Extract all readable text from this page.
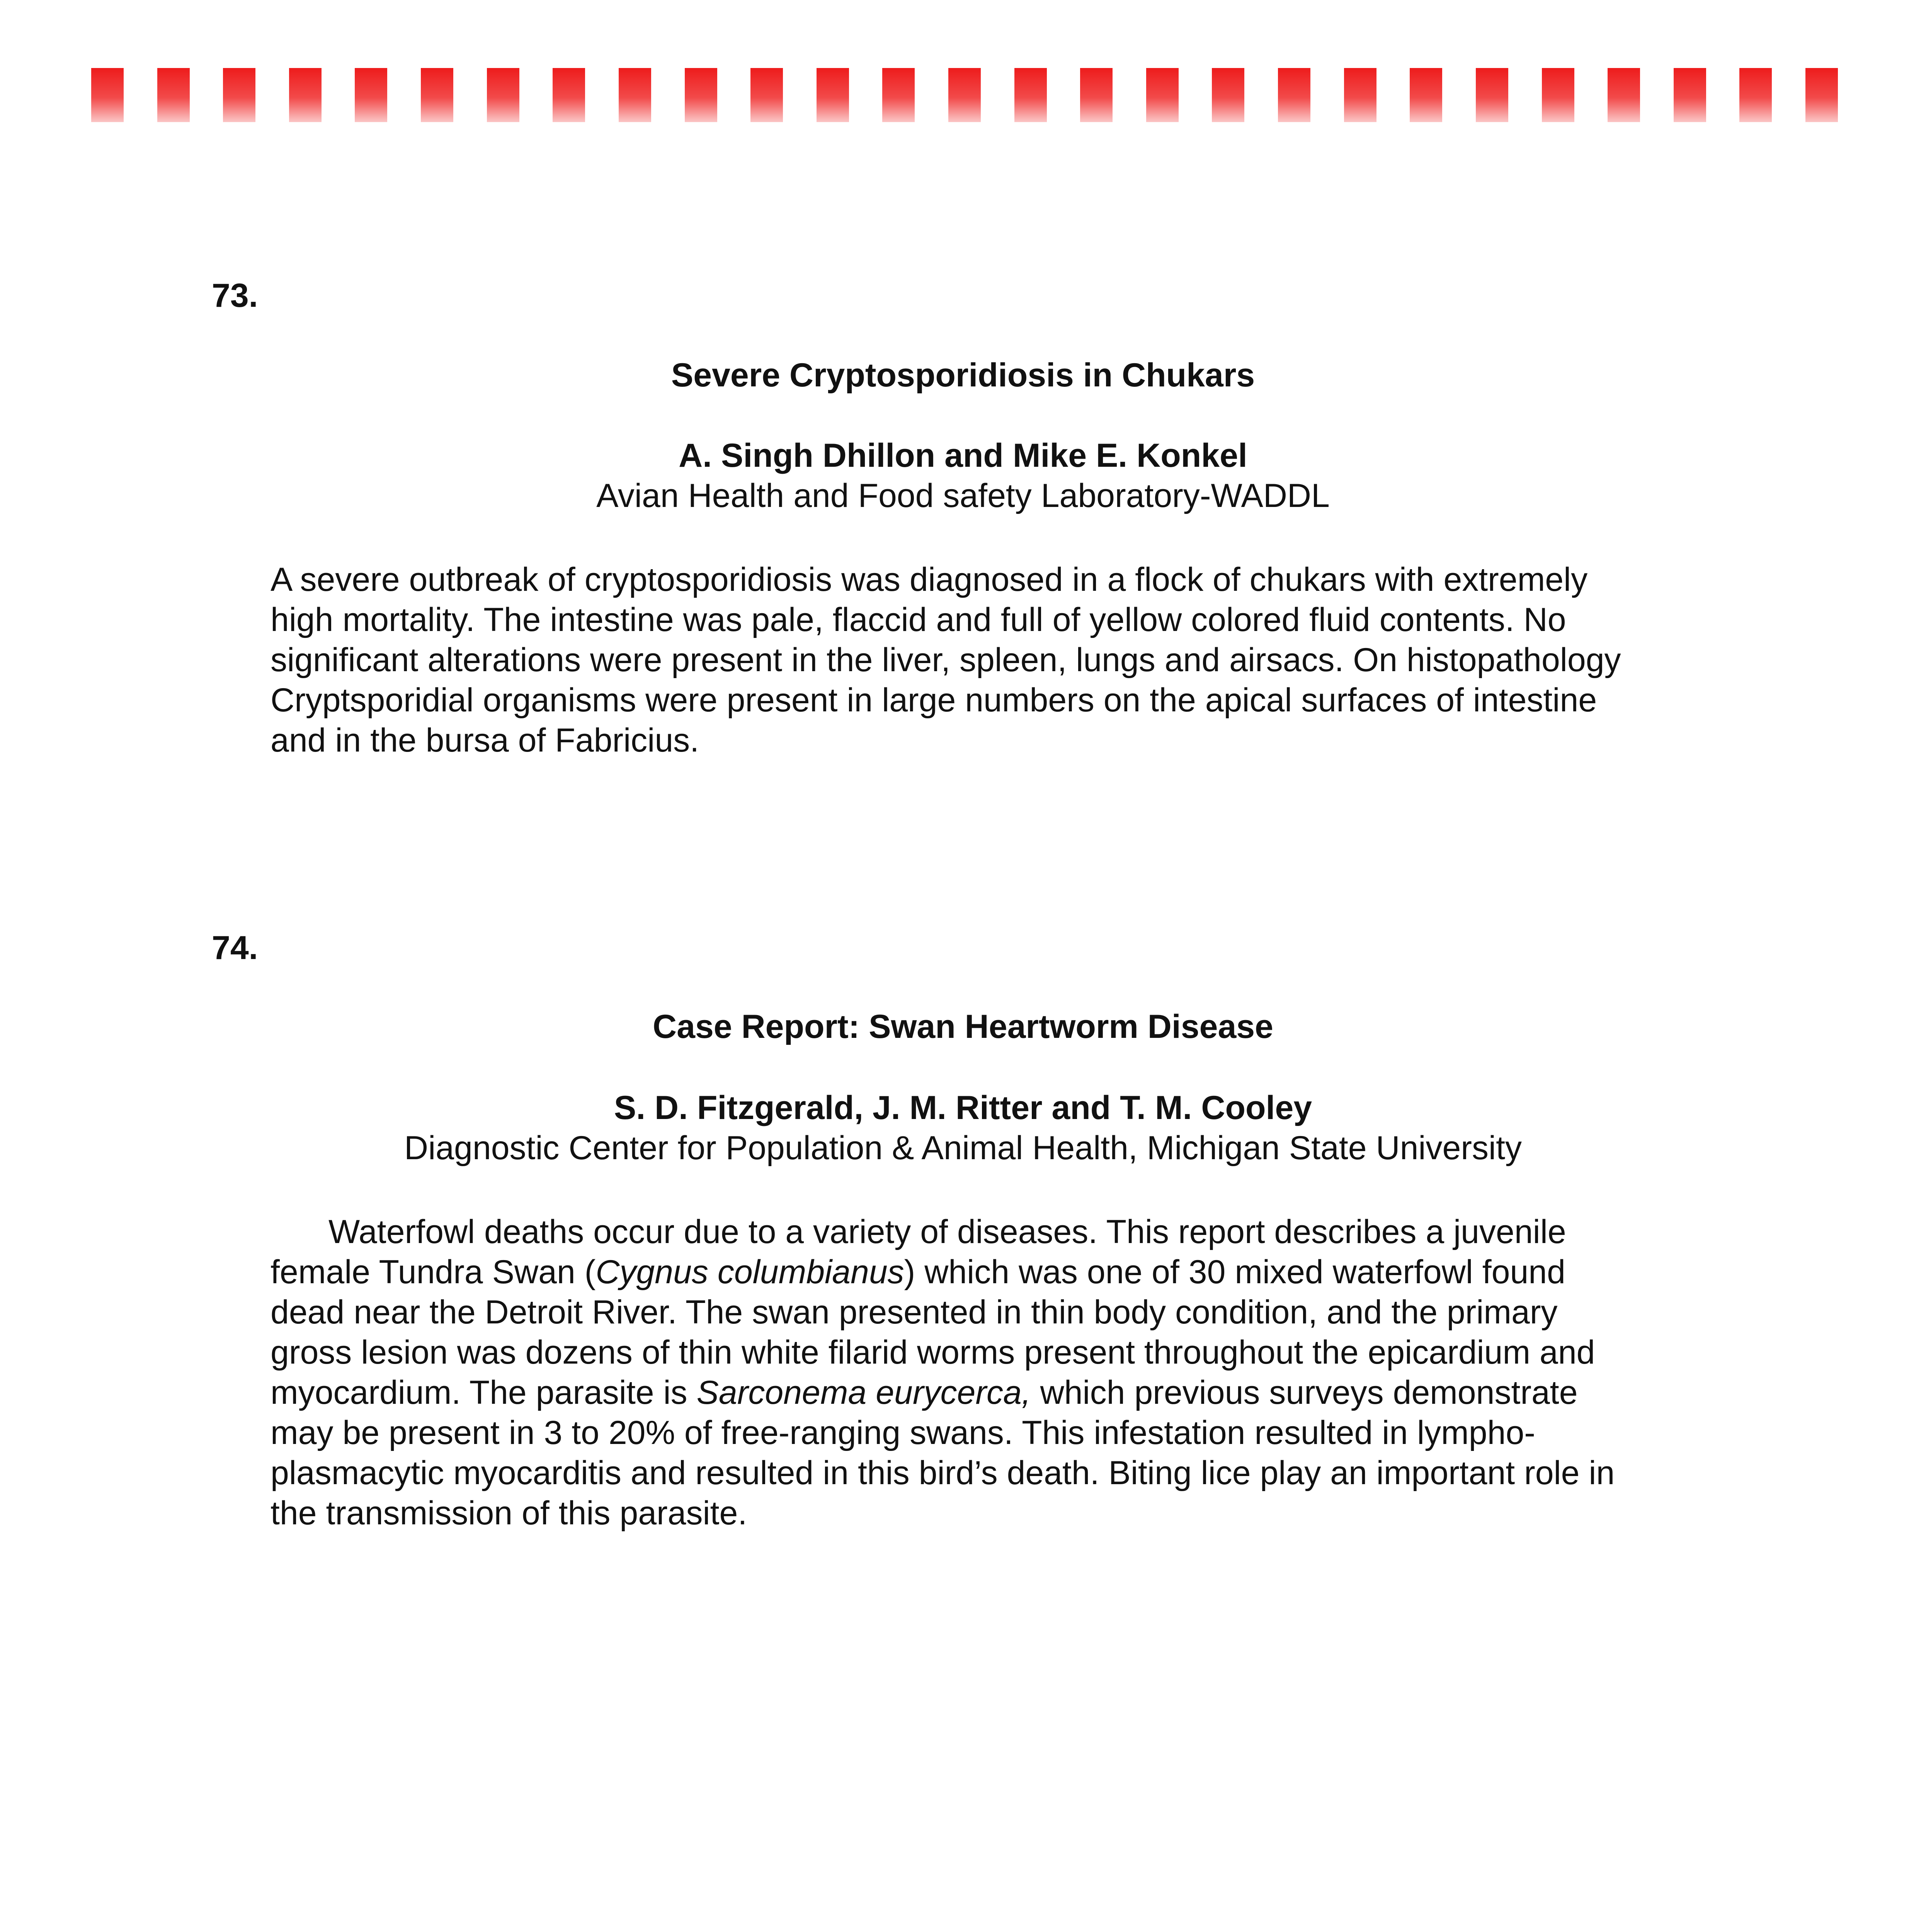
73.
Severe Cryptosporidiosis in Chukars
A. Singh Dhillon and Mike E. Konkel
Avian Health and Food safety Laboratory-WADDL
A severe outbreak of cryptosporidiosis was diagnosed in a flock of chukars with extremely
high mortality. The intestine was pale, flaccid and full of yellow colored fluid contents. No
significant alterations were present in the liver, spleen, lungs and airsacs. On histopathology
Cryptsporidial organisms were present in large numbers on the apical surfaces of intestine
and in the bursa of Fabricius.
74.
Case Report: Swan Heartworm Disease
S. D. Fitzgerald, J. M. Ritter and T. M. Cooley
Diagnostic Center for Population & Animal Health, Michigan State University
Waterfowl deaths occur due to a variety of diseases. This report describes a juvenile
female Tundra Swan (Cygnus columbianus) which was one of 30 mixed waterfowl found
dead near the Detroit River. The swan presented in thin body condition, and the primary
gross lesion was dozens of thin white filarid worms present throughout the epicardium and
myocardium. The parasite is Sarconema eurycerca, which previous surveys demonstrate
may be present in 3 to 20% of free-ranging swans. This infestation resulted in lympho-
plasmacytic myocarditis and resulted in this bird’s death. Biting lice play an important role in
the transmission of this parasite.
